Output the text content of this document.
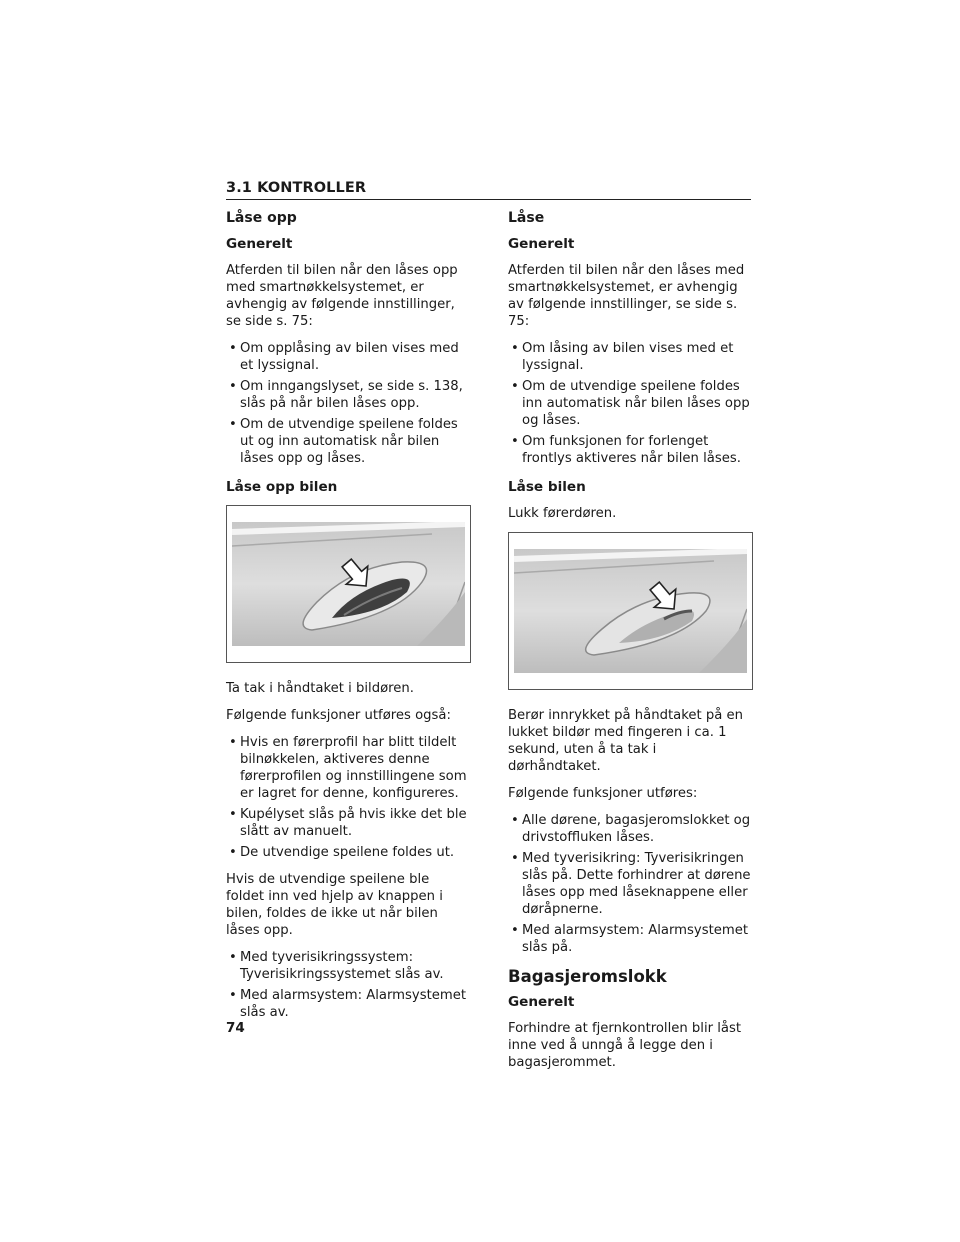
3.1 KONTROLLER
Låse opp
Generelt

Atferden til bilen når den låses opp med smartnøkkelsystemet, er avhengig av følgende innstillinger, se side s. 75:

• Om opplåsing av bilen vises med et lyssignal.
• Om inngangslyset, se side s. 138, slås på når bilen låses opp.
• Om de utvendige speilene foldes ut og inn automatisk når bilen låses opp og låses.
Låse opp bilen

Ta tak i håndtaket i bildøren.

Følgende funksjoner utføres også:

• Hvis en førerprofil har blitt tildelt bilnøkkelen, aktiveres denne førerprofilen og innstillingene som er lagret for denne, konfigureres.
• Kupélyset slås på hvis ikke det ble slått av manuelt.
• De utvendige speilene foldes ut.

Hvis de utvendige speilene ble foldet inn ved hjelp av knappen i bilen, foldes de ikke ut når bilen låses opp.

• Med tyverisikringssystem: Tyverisikringssystemet slås av.
• Med alarmsystem: Alarmsystemet slås av.
Låse
Generelt

Atferden til bilen når den låses med smartnøkkelsystemet, er avhengig av følgende innstillinger, se side s. 75:

• Om låsing av bilen vises med et lyssignal.
• Om de utvendige speilene foldes inn automatisk når bilen låses opp og låses.
• Om funksjonen for forlenget frontlys aktiveres når bilen låses.
Låse bilen

Lukk førerdøren.

Berør innrykket på håndtaket på en lukket bildør med fingeren i ca. 1 sekund, uten å ta tak i dørhåndtaket.

Følgende funksjoner utføres:

• Alle dørene, bagasjeromslokket og drivstoffluken låses.
• Med tyverisikring: Tyverisikringen slås på. Dette forhindrer at dørene låses opp med låseknappene eller døråpnerne.
• Med alarmsystem: Alarmsystemet slås på.
Bagasjeromslokk
Generelt

Forhindre at fjernkontrollen blir låst inne ved å unngå å legge den i bagasjerommet.

74
